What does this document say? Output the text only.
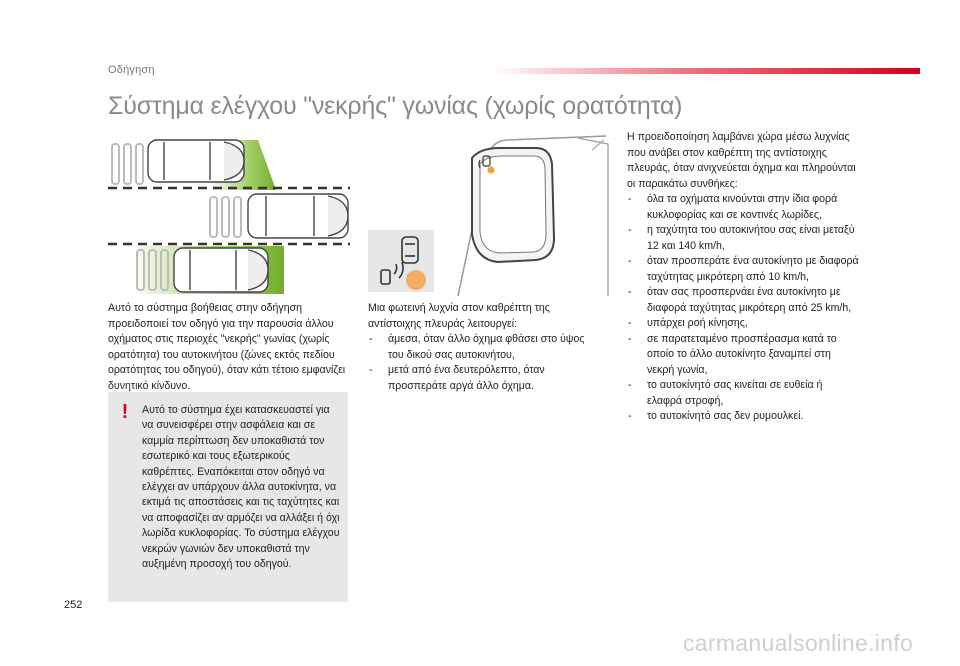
Οδήγηση
Σύστημα ελέγχου "νεκρής" γωνίας (χωρίς ορατότητα)

Αυτό το σύστημα βοήθειας στην οδήγηση προειδοποιεί τον οδηγό για την παρουσία άλλου οχήματος στις περιοχές "νεκρής" γωνίας (χωρίς ορατότητα) του αυτοκινήτου (ζώνες εκτός πεδίου ορατότητας του οδηγού), όταν κάτι τέτοιο εμφανίζει δυνητικό κίνδυνο.

!	Αυτό το σύστημα έχει κατασκευαστεί για να συνεισφέρει στην ασφάλεια και σε καμμία περίπτωση δεν υποκαθιστά τον εσωτερικό και τους εξωτερικούς καθρέπτες. Εναπόκειται στον οδηγό να ελέγχει αν υπάρχουν άλλα αυτοκίνητα, να εκτιμά τις αποστάσεις και τις ταχύτητες και να αποφασίζει αν αρμόζει να αλλάξει ή όχι λωρίδα κυκλοφορίας. Το σύστημα ελέγχου νεκρών γωνιών δεν υποκαθιστά την αυξημένη προσοχή του οδηγού.

Μια φωτεινή λυχνία στον καθρέπτη της αντίστοιχης πλευράς λειτουργεί:

- άμεσα, όταν άλλο όχημα φθάσει στο ύψος του δικού σας αυτοκινήτου,
- μετά από ένα δευτερόλεπτο, όταν προσπεράτε αργά άλλο όχημα.

Η προειδοποίηση λαμβάνει χώρα μέσω λυχνίας που ανάβει στον καθρέπτη της αντίστοιχης πλευράς, όταν ανιχνεύεται όχημα και πληρούνται οι παρακάτω συνθήκες:

- όλα τα οχήματα κινούνται στην ίδια φορά κυκλοφορίας και σε κοντινές λωρίδες,
- η ταχύτητα του αυτοκινήτου σας είναι μεταξύ 12 και 140 km/h,
- όταν προσπεράτε ένα αυτοκίνητο με διαφορά ταχύτητας μικρότερη από 10 km/h,
- όταν σας προσπερνάει ένα αυτοκίνητο με διαφορά ταχύτητας μικρότερη από 25 km/h,
- υπάρχει ροή κίνησης,
- σε παρατεταμένο προσπέρασμα κατά το οποίο το άλλο αυτοκίνητο ξαναμπεί στη νεκρή γωνία,
- το αυτοκίνητό σας κινείται σε ευθεία ή ελαφρά στροφή,
- το αυτοκίνητό σας δεν ρυμουλκεί.
252
carmanualsonline.info
